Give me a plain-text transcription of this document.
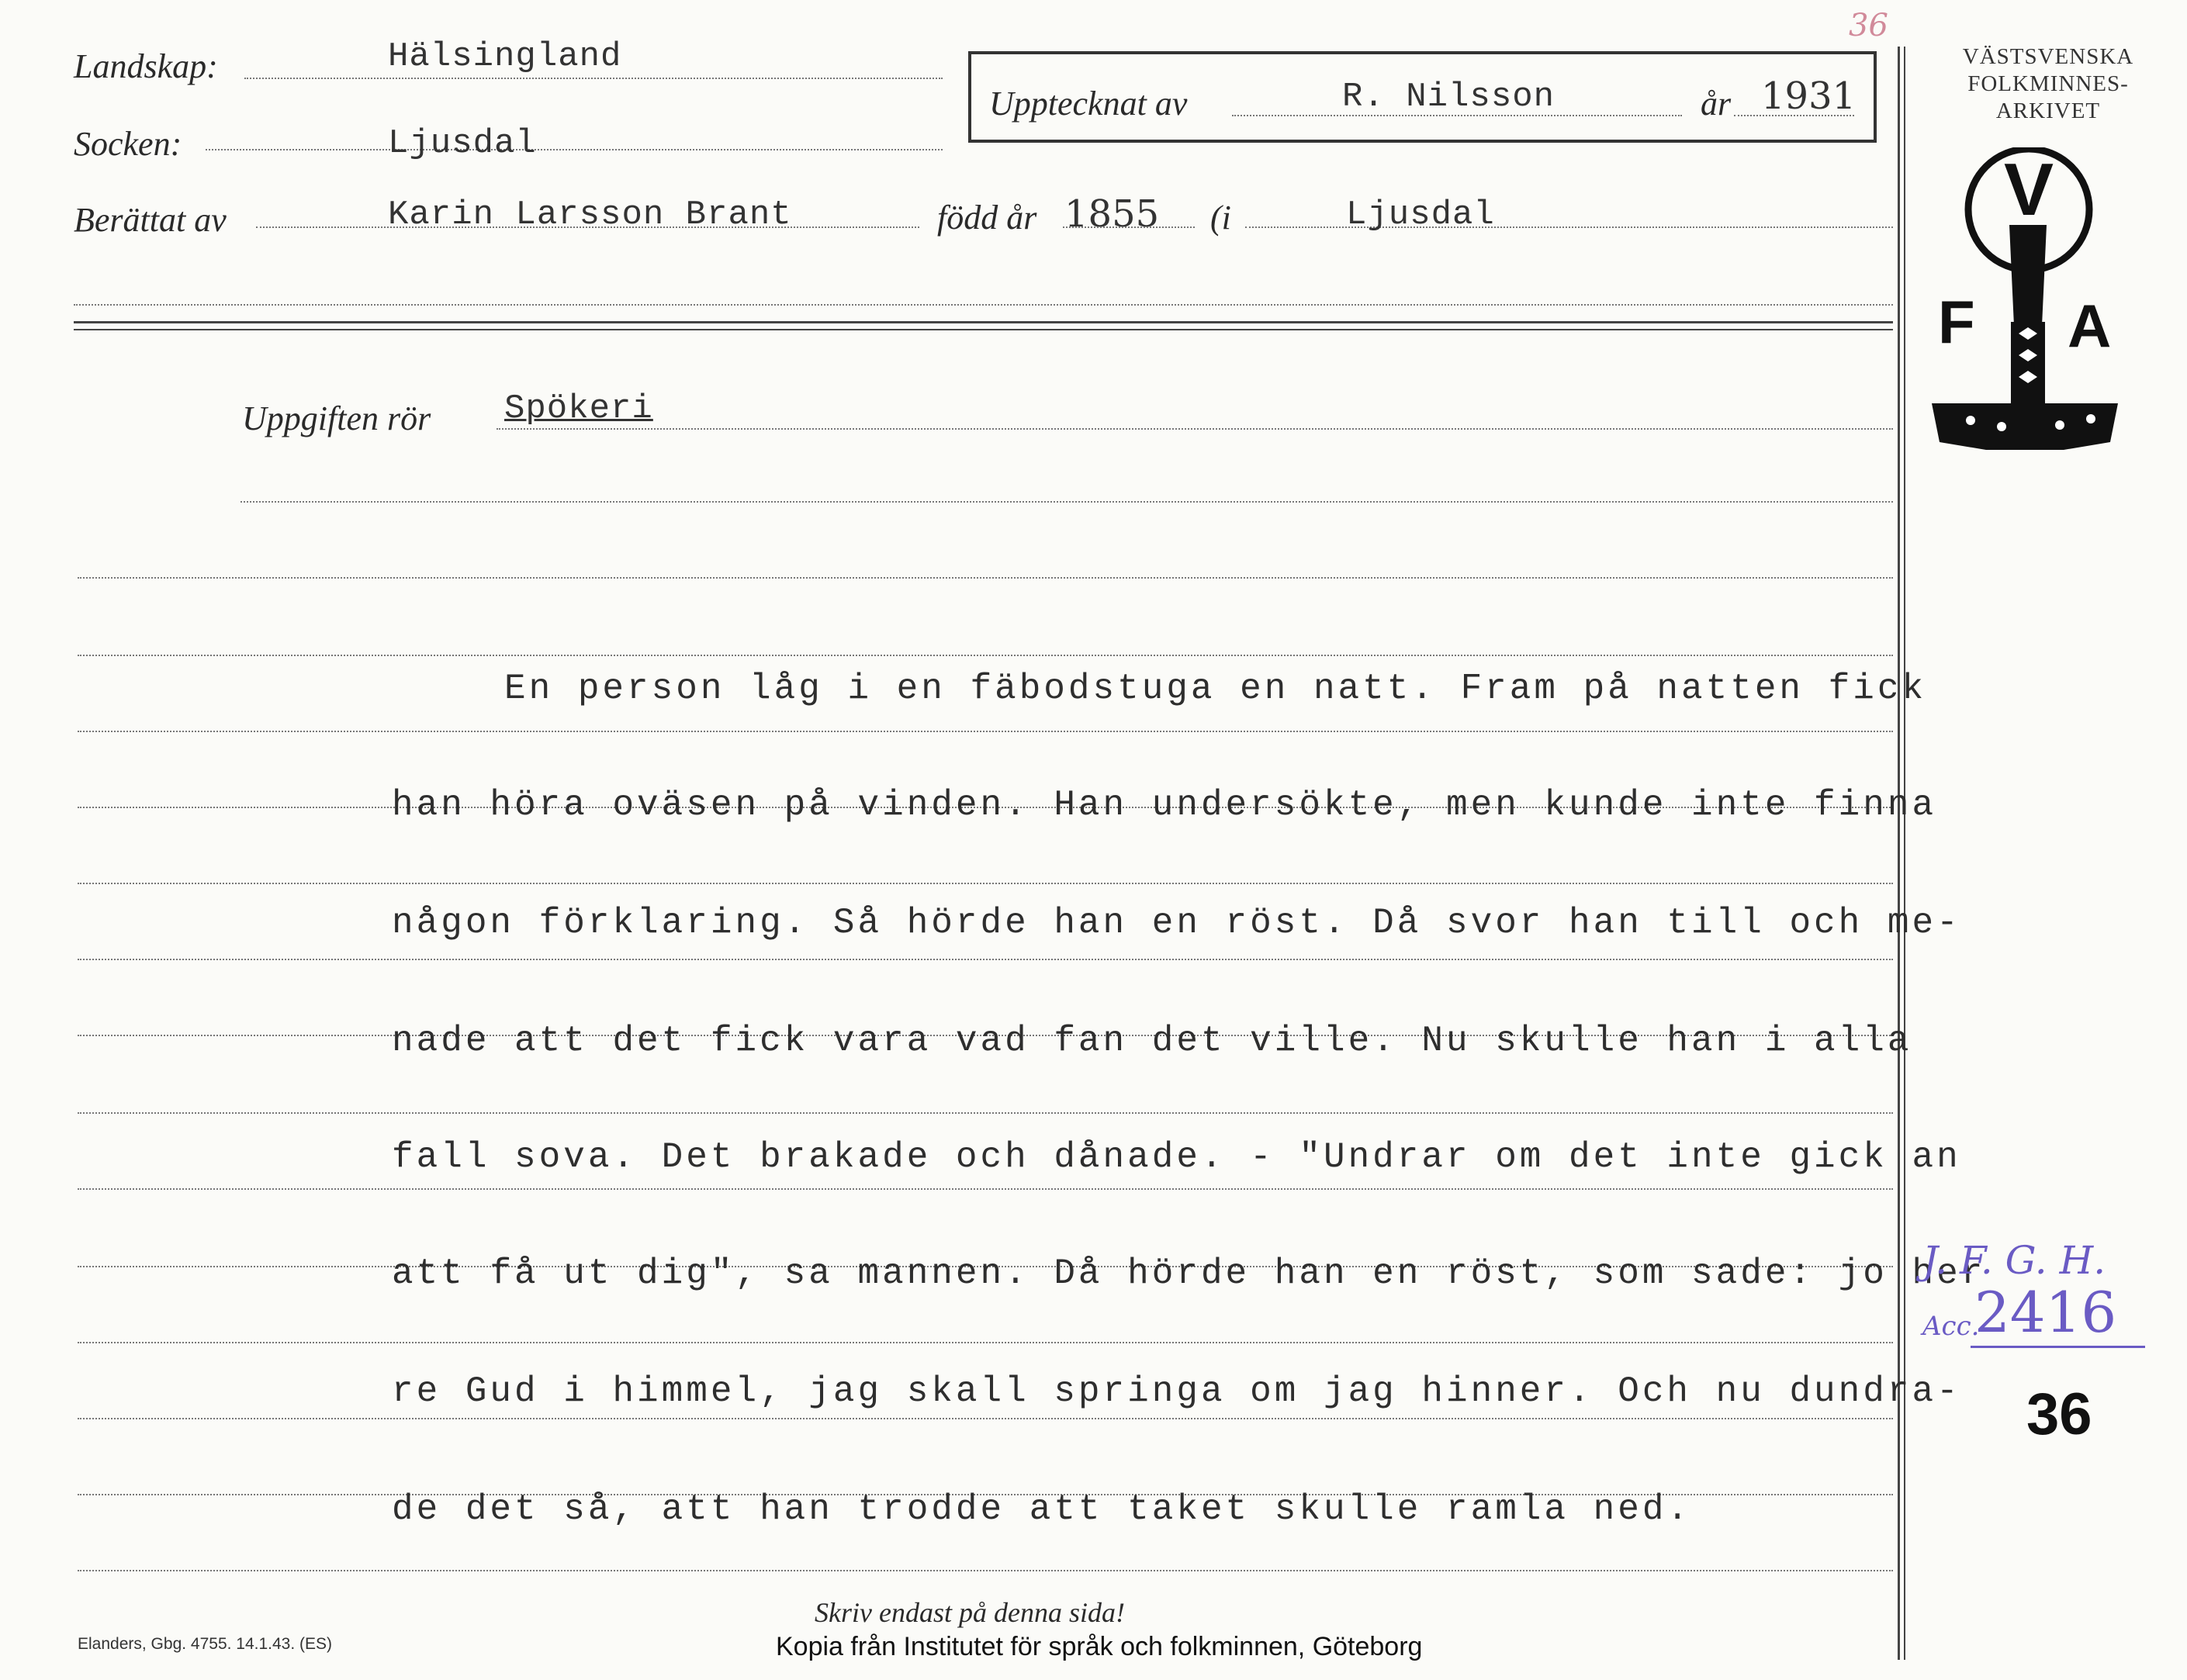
Landskap:	Hälsingland
Socken:	Ljusdal
Berättat av	Karin Larsson Brant	född år 1855 (i	Ljusdal
Upptecknat av	R. Nilsson	år 1931
36
VÄSTSVENSKA
FOLKMINNES-
ARKIVET
V
F A
Uppgiften rör Spökeri
En person låg i en fäbodstuga en natt. Fram på natten fick
han höra oväsen på vinden. Han undersökte, men kunde inte finna
någon förklaring. Så hörde han en röst. Då svor han till och me-
nade att det fick vara vad fan det ville. Nu skulle han i alla
fall sova. Det brakade och dånade. - "Undrar om det inte gick an
att få ut dig", sa mannen. Då hörde han en röst, som sade: jo her
re Gud i himmel, jag skall springa om jag hinner. Och nu dundra-
de det så, att han trodde att taket skulle ramla ned.
J. F. G. H.
Acc.
2416
36
Elanders, Gbg. 4755. 14.1.43. (ES)
Skriv endast på denna sida!
Kopia från Institutet för språk och folkminnen, Göteborg
